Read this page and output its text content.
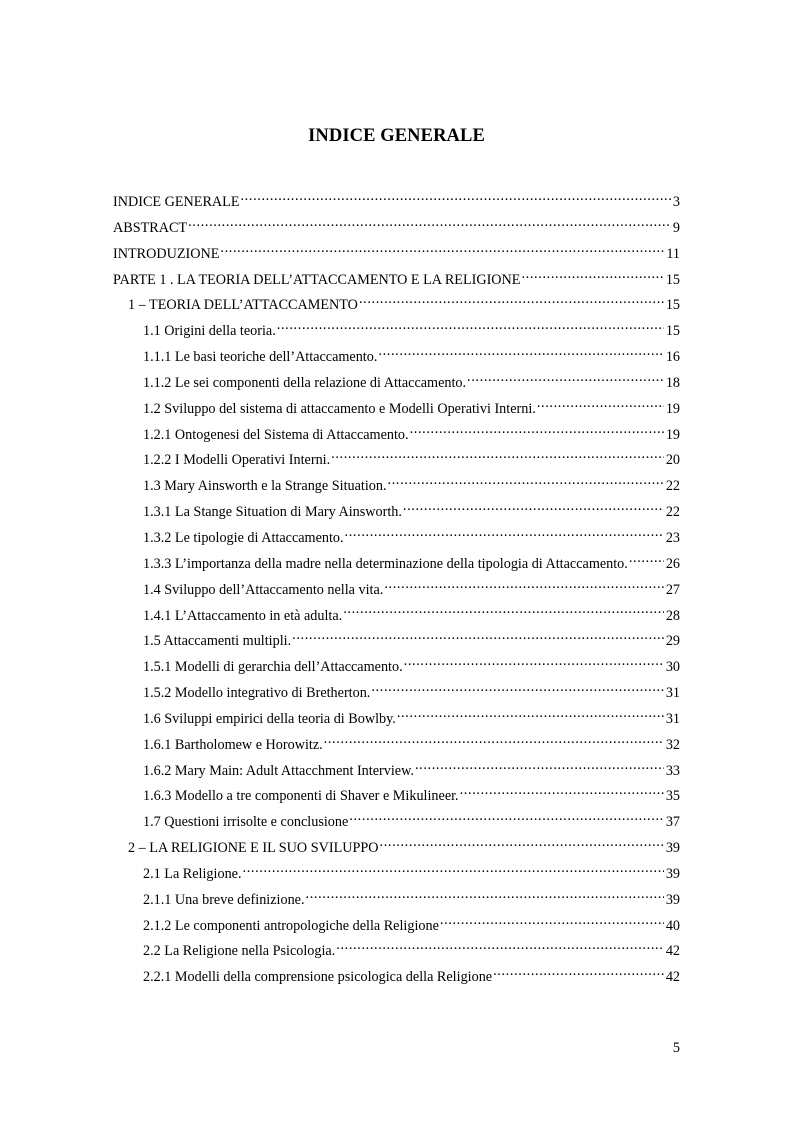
INDICE GENERALE
INDICE GENERALE . . .	3
ABSTRACT . . .	9
INTRODUZIONE . . .	11
PARTE 1 . LA TEORIA DELL’ATTACCAMENTO E LA RELIGIONE . . .	15
1 – TEORIA DELL’ATTACCAMENTO . . .	15
1.1 Origini della teoria. . . .	15
1.1.1 Le basi teoriche dell’Attaccamento. . . .	16
1.1.2 Le sei componenti della relazione di Attaccamento. . . .	18
1.2 Sviluppo del sistema di attaccamento e Modelli Operativi Interni. . . .	19
1.2.1 Ontogenesi del Sistema di Attaccamento. . . .	19
1.2.2 I Modelli Operativi Interni. . . .	20
1.3 Mary Ainsworth e la Strange Situation. . . .	22
1.3.1 La Stange Situation di Mary Ainsworth. . . .	22
1.3.2 Le tipologie di Attaccamento. . . .	23
1.3.3 L’importanza della madre nella determinazione della tipologia di Attaccamento. . . .	26
1.4 Sviluppo dell’Attaccamento nella vita. . . .	27
1.4.1 L’Attaccamento in età adulta. . . .	28
1.5 Attaccamenti multipli. . . .	29
1.5.1 Modelli di gerarchia dell’Attaccamento. . . .	30
1.5.2 Modello integrativo di Bretherton. . . .	31
1.6 Sviluppi empirici della teoria di Bowlby. . . .	31
1.6.1 Bartholomew e Horowitz. . . .	32
1.6.2 Mary Main: Adult Attacchment Interview. . . .	33
1.6.3 Modello a tre componenti di Shaver e Mikulineer. . . .	35
1.7 Questioni irrisolte e conclusione . . .	37
2 – LA RELIGIONE E IL SUO SVILUPPO . . .	39
2.1 La Religione. . . .	39
2.1.1 Una breve definizione. . . .	39
2.1.2 Le componenti antropologiche della Religione . . .	40
2.2 La Religione nella Psicologia. . . .	42
2.2.1 Modelli della comprensione psicologica della Religione . . .	42
5
